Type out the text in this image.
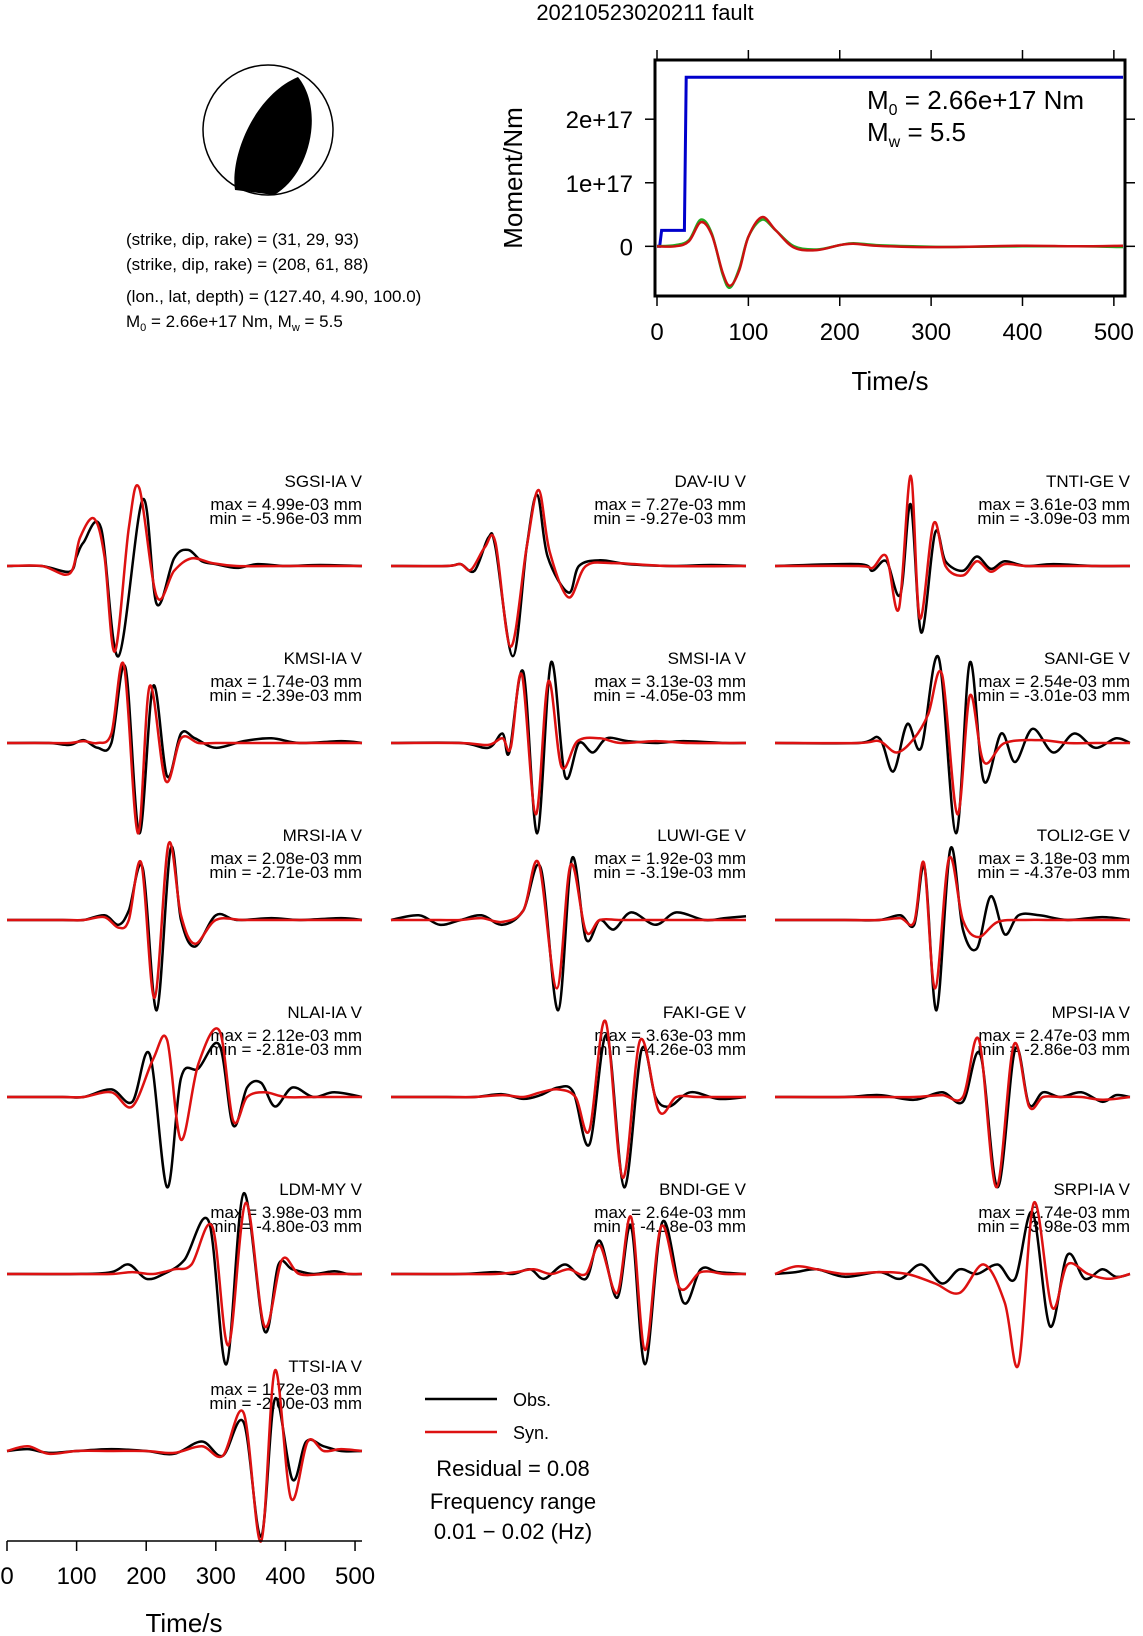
20210523020211 fault
(strike, dip, rake) = (31, 29, 93)
(strike, dip, rake) = (208, 61, 88)
(lon., lat, depth) = (127.40, 4.90, 100.0)
$M_0 = 2.66e+17$ Nm, $M_w = 5.5$
0
1e+17
2e+17
0	100 200 300 400 500
Moment/Nm
Time/s
$M_0 = 2.66e+17$ Nm
$M_w = 5.5$
SGSI-IA V
max = 4.99e-03 mm
min = -5.96e-03 mm
DAV-IU V
max = 7.27e-03 mm
min = -9.27e-03 mm
TNTI-GE V
max = 3.61e-03 mm
min = -3.09e-03 mm
KMSI-IA V
max = 1.74e-03 mm
min = -2.39e-03 mm
SMSI-IA V
max = 3.13e-03 mm
min = -4.05e-03 mm
SANI-GE V
max = 2.54e-03 mm
min = -3.01e-03 mm
MRSI-IA V
max = 2.08e-03 mm
min = -2.71e-03 mm
LUWI-GE V
max = 1.92e-03 mm
min = -3.19e-03 mm
TOLI2-GE V
max = 3.18e-03 mm
min = -4.37e-03 mm
NLAI-IA V
max = 2.12e-03 mm
min = -2.81e-03 mm
FAKI-GE V
max = 3.63e-03 mm
min = -4.26e-03 mm
MPSI-IA V
max = 2.47e-03 mm
min = -2.86e-03 mm
LDM-MY V
max = 3.98e-03 mm
min = -4.80e-03 mm
BNDI-GE V
max = 2.64e-03 mm
min = -4.18e-03 mm
SRPI-IA V
max = 2.74e-03 mm
min = -3.98e-03 mm
TTSI-IA V
max = 1.72e-03 mm
min = -2.00e-03 mm
0 100 200 300 400 500
Time/s
Obs.
Syn.
Residual = 0.08
Frequency range
0.01 − 0.02 (Hz)
